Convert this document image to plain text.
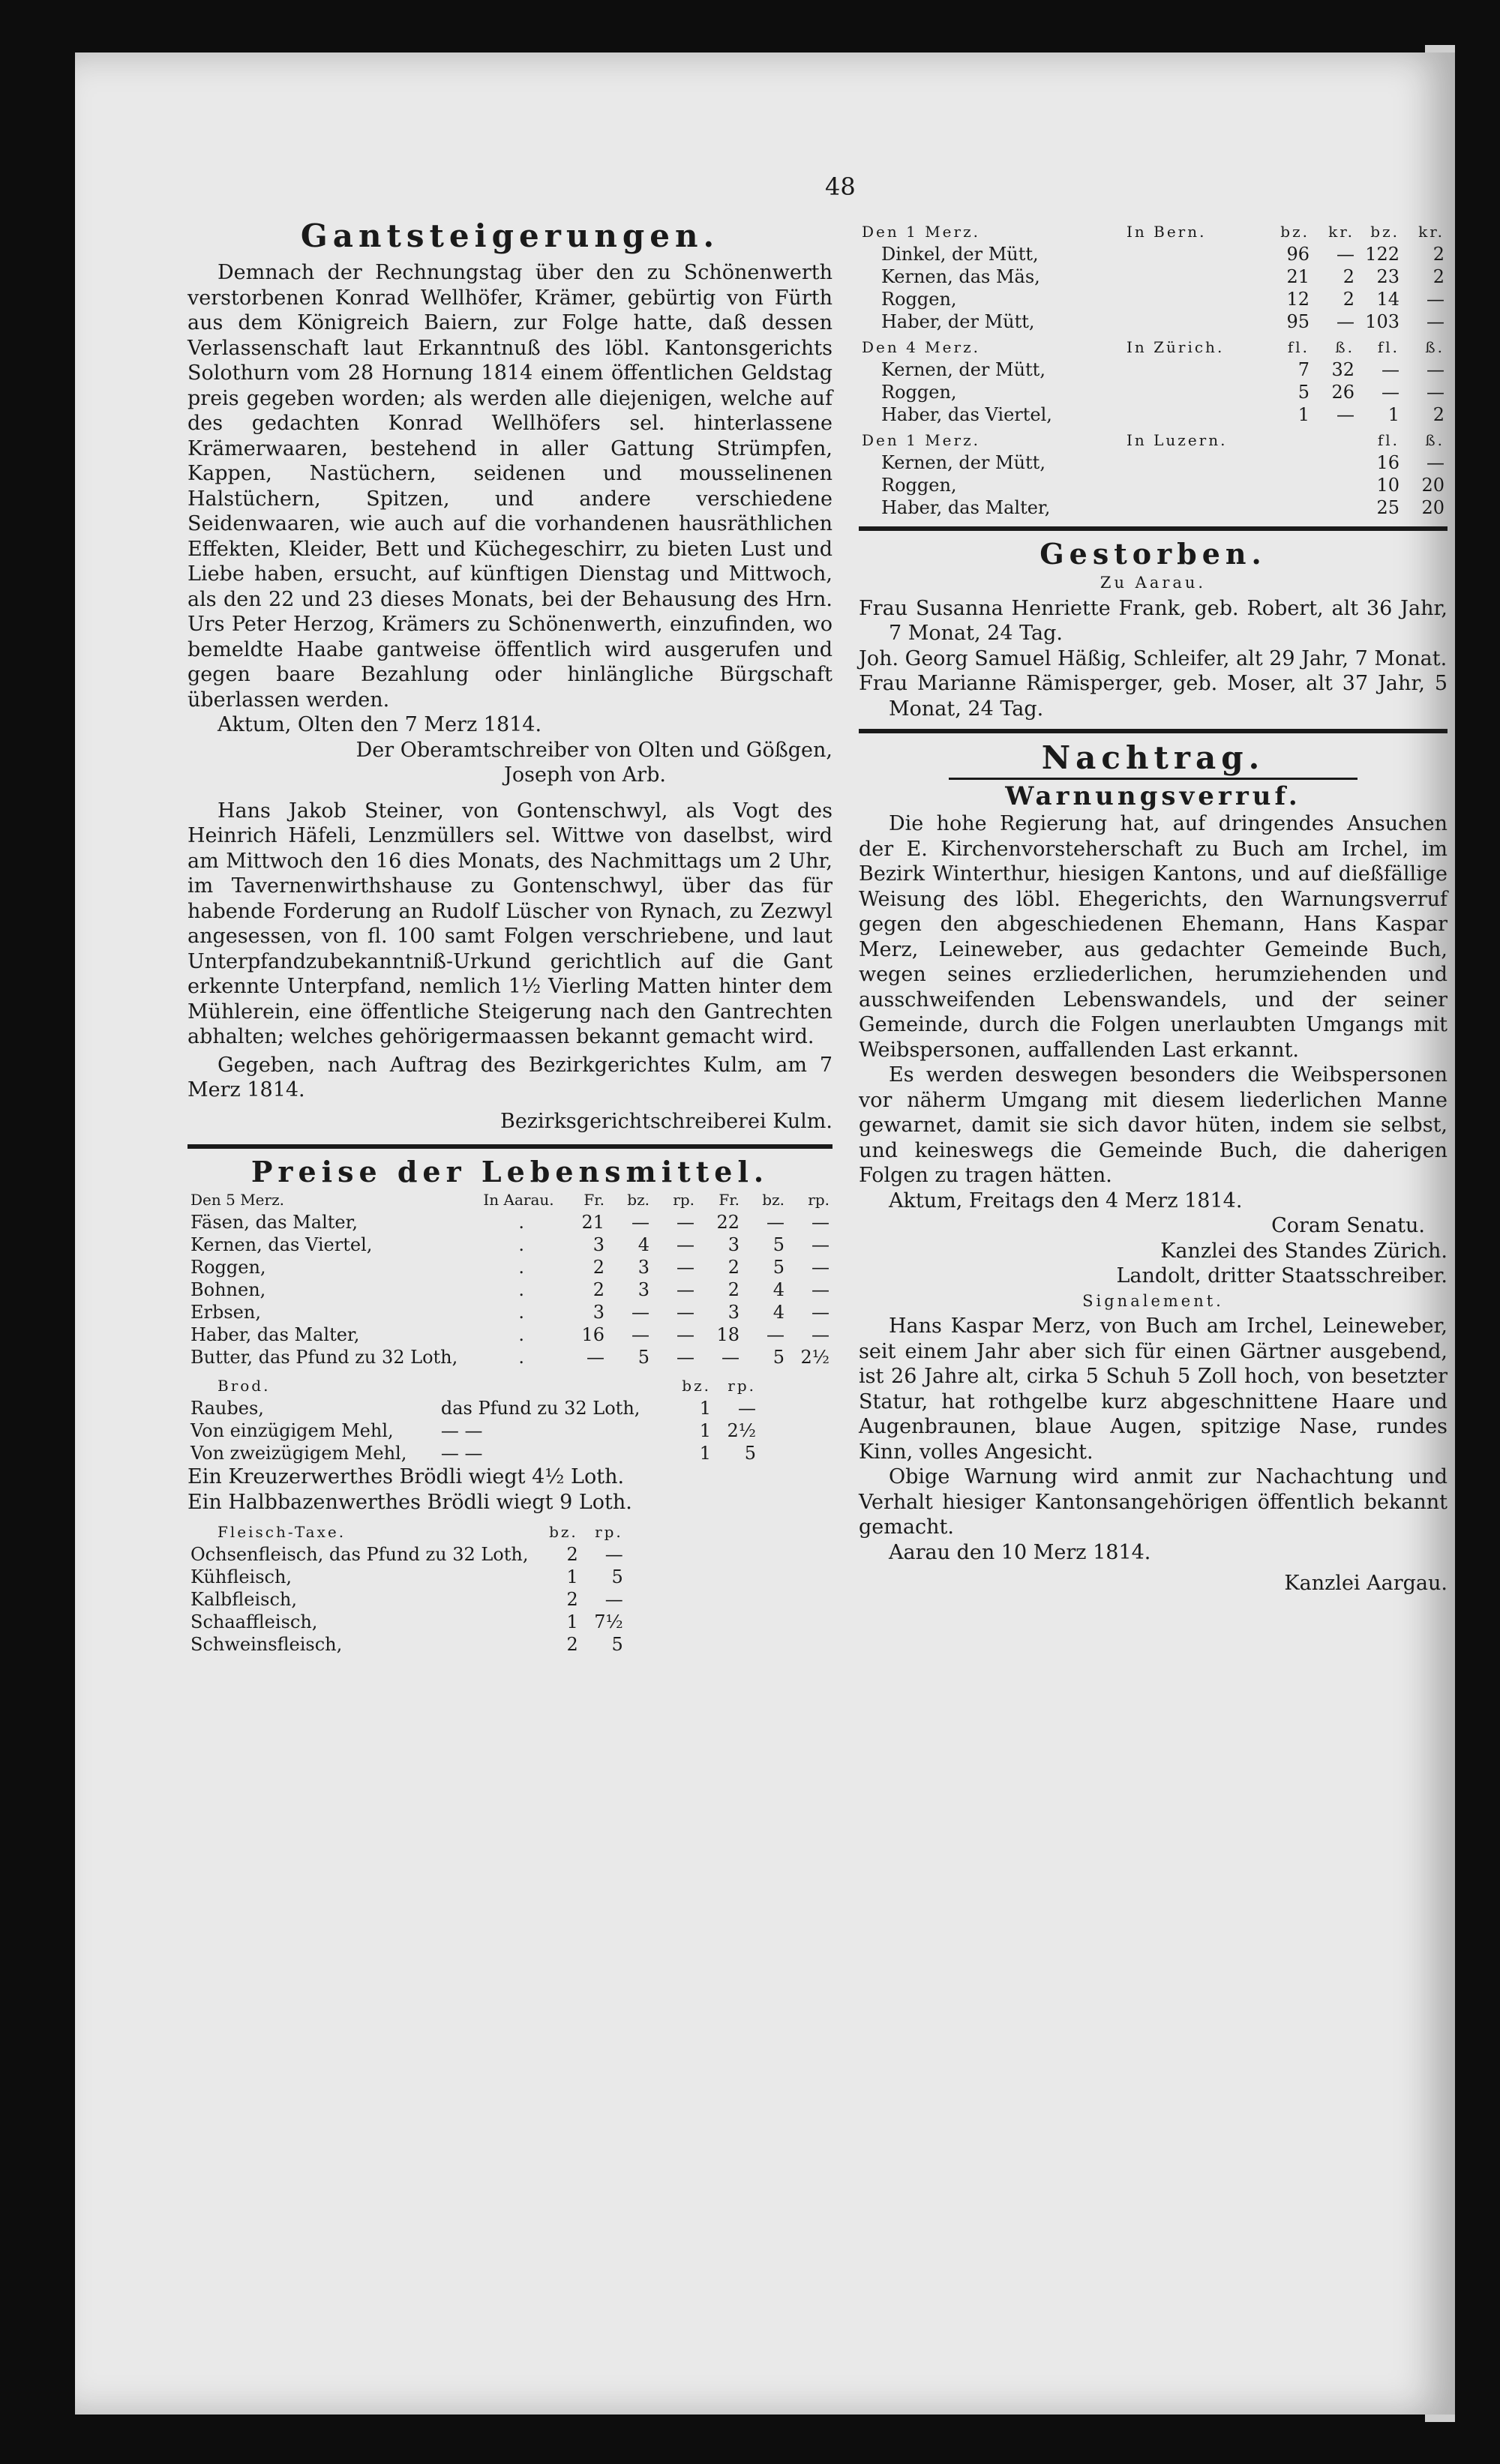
48
Gantsteigerungen.

Demnach der Rechnungstag über den zu Schönenwerth verstorbenen Konrad Wellhöfer, Krämer, gebürtig von Fürth aus dem Königreich Baiern, zur Folge hatte, daß dessen Verlassenschaft laut Erkanntnuß des löbl. Kantonsgerichts Solothurn vom 28 Hornung 1814 einem öffentlichen Geldstag preis gegeben worden; als werden alle diejenigen, welche auf des gedachten Konrad Wellhöfers sel. hinterlassene Krämerwaaren, bestehend in aller Gattung Strümpfen, Kappen, Nastüchern, seidenen und mousselinenen Halstüchern, Spitzen, und andere verschiedene Seidenwaaren, wie auch auf die vorhandenen hausräthlichen Effekten, Kleider, Bett und Küchegeschirr, zu bieten Lust und Liebe haben, ersucht, auf künftigen Dienstag und Mittwoch, als den 22 und 23 dieses Monats, bei der Behausung des Hrn. Urs Peter Herzog, Krämers zu Schönenwerth, einzufinden, wo bemeldte Haabe gantweise öffentlich wird ausgerufen und gegen baare Bezahlung oder hinlängliche Bürgschaft überlassen werden.

Aktum, Olten den 7 Merz 1814.

Der Oberamtschreiber von Olten und Gößgen,

Joseph von Arb.

Hans Jakob Steiner, von Gontenschwyl, als Vogt des Heinrich Häfeli, Lenzmüllers sel. Wittwe von daselbst, wird am Mittwoch den 16 dies Monats, des Nachmittags um 2 Uhr, im Tavernenwirthshause zu Gontenschwyl, über das für habende Forderung an Rudolf Lüscher von Rynach, zu Zezwyl angesessen, von fl. 100 samt Folgen verschriebene, und laut Unterpfandzubekanntniß-Urkund gerichtlich auf die Gant erkennte Unterpfand, nemlich 1½ Vierling Matten hinter dem Mühlerein, eine öffentliche Steigerung nach den Gantrechten abhalten; welches gehörigermaassen bekannt gemacht wird.

Gegeben, nach Auftrag des Bezirkgerichtes Kulm, am 7 Merz 1814.

Bezirksgerichtschreiberei Kulm.

Preise der Lebensmittel.
Den 5 Merz.	In Aarau.	Fr.	bz.	rp.	Fr.	bz.	rp.
Fäsen, das Malter,	.	21	—	—	22	—	—
Kernen, das Viertel,	.	3	4	—	3	5	—
Roggen,	.	2	3	—	2	5	—
Bohnen,	.	2	3	—	2	4	—
Erbsen,	.	3	—	—	3	4	—
Haber, das Malter,	.	16	—	—	18	—	—
Butter, das Pfund zu 32 Loth,	.	—	5	—	—	5	2½
Brod.		bz.	rp.	
Raubes,	das Pfund zu 32 Loth,	1	—	
Von einzügigem Mehl,	— —	1	2½	
Von zweizügigem Mehl,	— —	1	5	

Ein Kreuzerwerthes Brödli wiegt 4½ Loth.

Ein Halbbazenwerthes Brödli wiegt 9 Loth.

Fleisch-Taxe.	bz.	rp.
Ochsenfleisch, das Pfund zu 32 Loth,	2	—
Kühfleisch,	1	5
Kalbfleisch,	2	—
Schaaffleisch,	1	7½
Schweinsfleisch,	2	5
Den 1 Merz.	In Bern.	bz.	kr.	bz.	kr.
Dinkel, der Mütt,		96	—	122	2
Kernen, das Mäs,		21	2	23	2
Roggen,		12	2	14	—
Haber, der Mütt,		95	—	103	—
Den 4 Merz.	In Zürich.	fl.	ß.	fl.	ß.
Kernen, der Mütt,		7	32	—	—
Roggen,		5	26	—	—
Haber, das Viertel,		1	—	1	2
Den 1 Merz.	In Luzern.			fl.	ß.
Kernen, der Mütt,				16	—
Roggen,				10	20
Haber, das Malter,				25	20
Gestorben.

Zu Aarau.

Frau Susanna Henriette Frank, geb. Robert, alt 36 Jahr, 7 Monat, 24 Tag.

Joh. Georg Samuel Häßig, Schleifer, alt 29 Jahr, 7 Monat.

Frau Marianne Rämisperger, geb. Moser, alt 37 Jahr, 5 Monat, 24 Tag.

Nachtrag.
Warnungsverruf.

Die hohe Regierung hat, auf dringendes Ansuchen der E. Kirchenvorsteherschaft zu Buch am Irchel, im Bezirk Winterthur, hiesigen Kantons, und auf dießfällige Weisung des löbl. Ehegerichts, den Warnungsverruf gegen den abgeschiedenen Ehemann, Hans Kaspar Merz, Leineweber, aus gedachter Gemeinde Buch, wegen seines erzliederlichen, herumziehenden und ausschweifenden Lebenswandels, und der seiner Gemeinde, durch die Folgen unerlaubten Umgangs mit Weibspersonen, auffallenden Last erkannt.

Es werden deswegen besonders die Weibspersonen vor näherm Umgang mit diesem liederlichen Manne gewarnet, damit sie sich davor hüten, indem sie selbst, und keineswegs die Gemeinde Buch, die daherigen Folgen zu tragen hätten.

Aktum, Freitags den 4 Merz 1814.

Coram Senatu.

Kanzlei des Standes Zürich.

Landolt, dritter Staatsschreiber.

Signalement.

Hans Kaspar Merz, von Buch am Irchel, Leineweber, seit einem Jahr aber sich für einen Gärtner ausgebend, ist 26 Jahre alt, cirka 5 Schuh 5 Zoll hoch, von besetzter Statur, hat rothgelbe kurz abgeschnittene Haare und Augenbraunen, blaue Augen, spitzige Nase, rundes Kinn, volles Angesicht.

Obige Warnung wird anmit zur Nachachtung und Verhalt hiesiger Kantonsangehörigen öffentlich bekannt gemacht.

Aarau den 10 Merz 1814.

Kanzlei Aargau.
